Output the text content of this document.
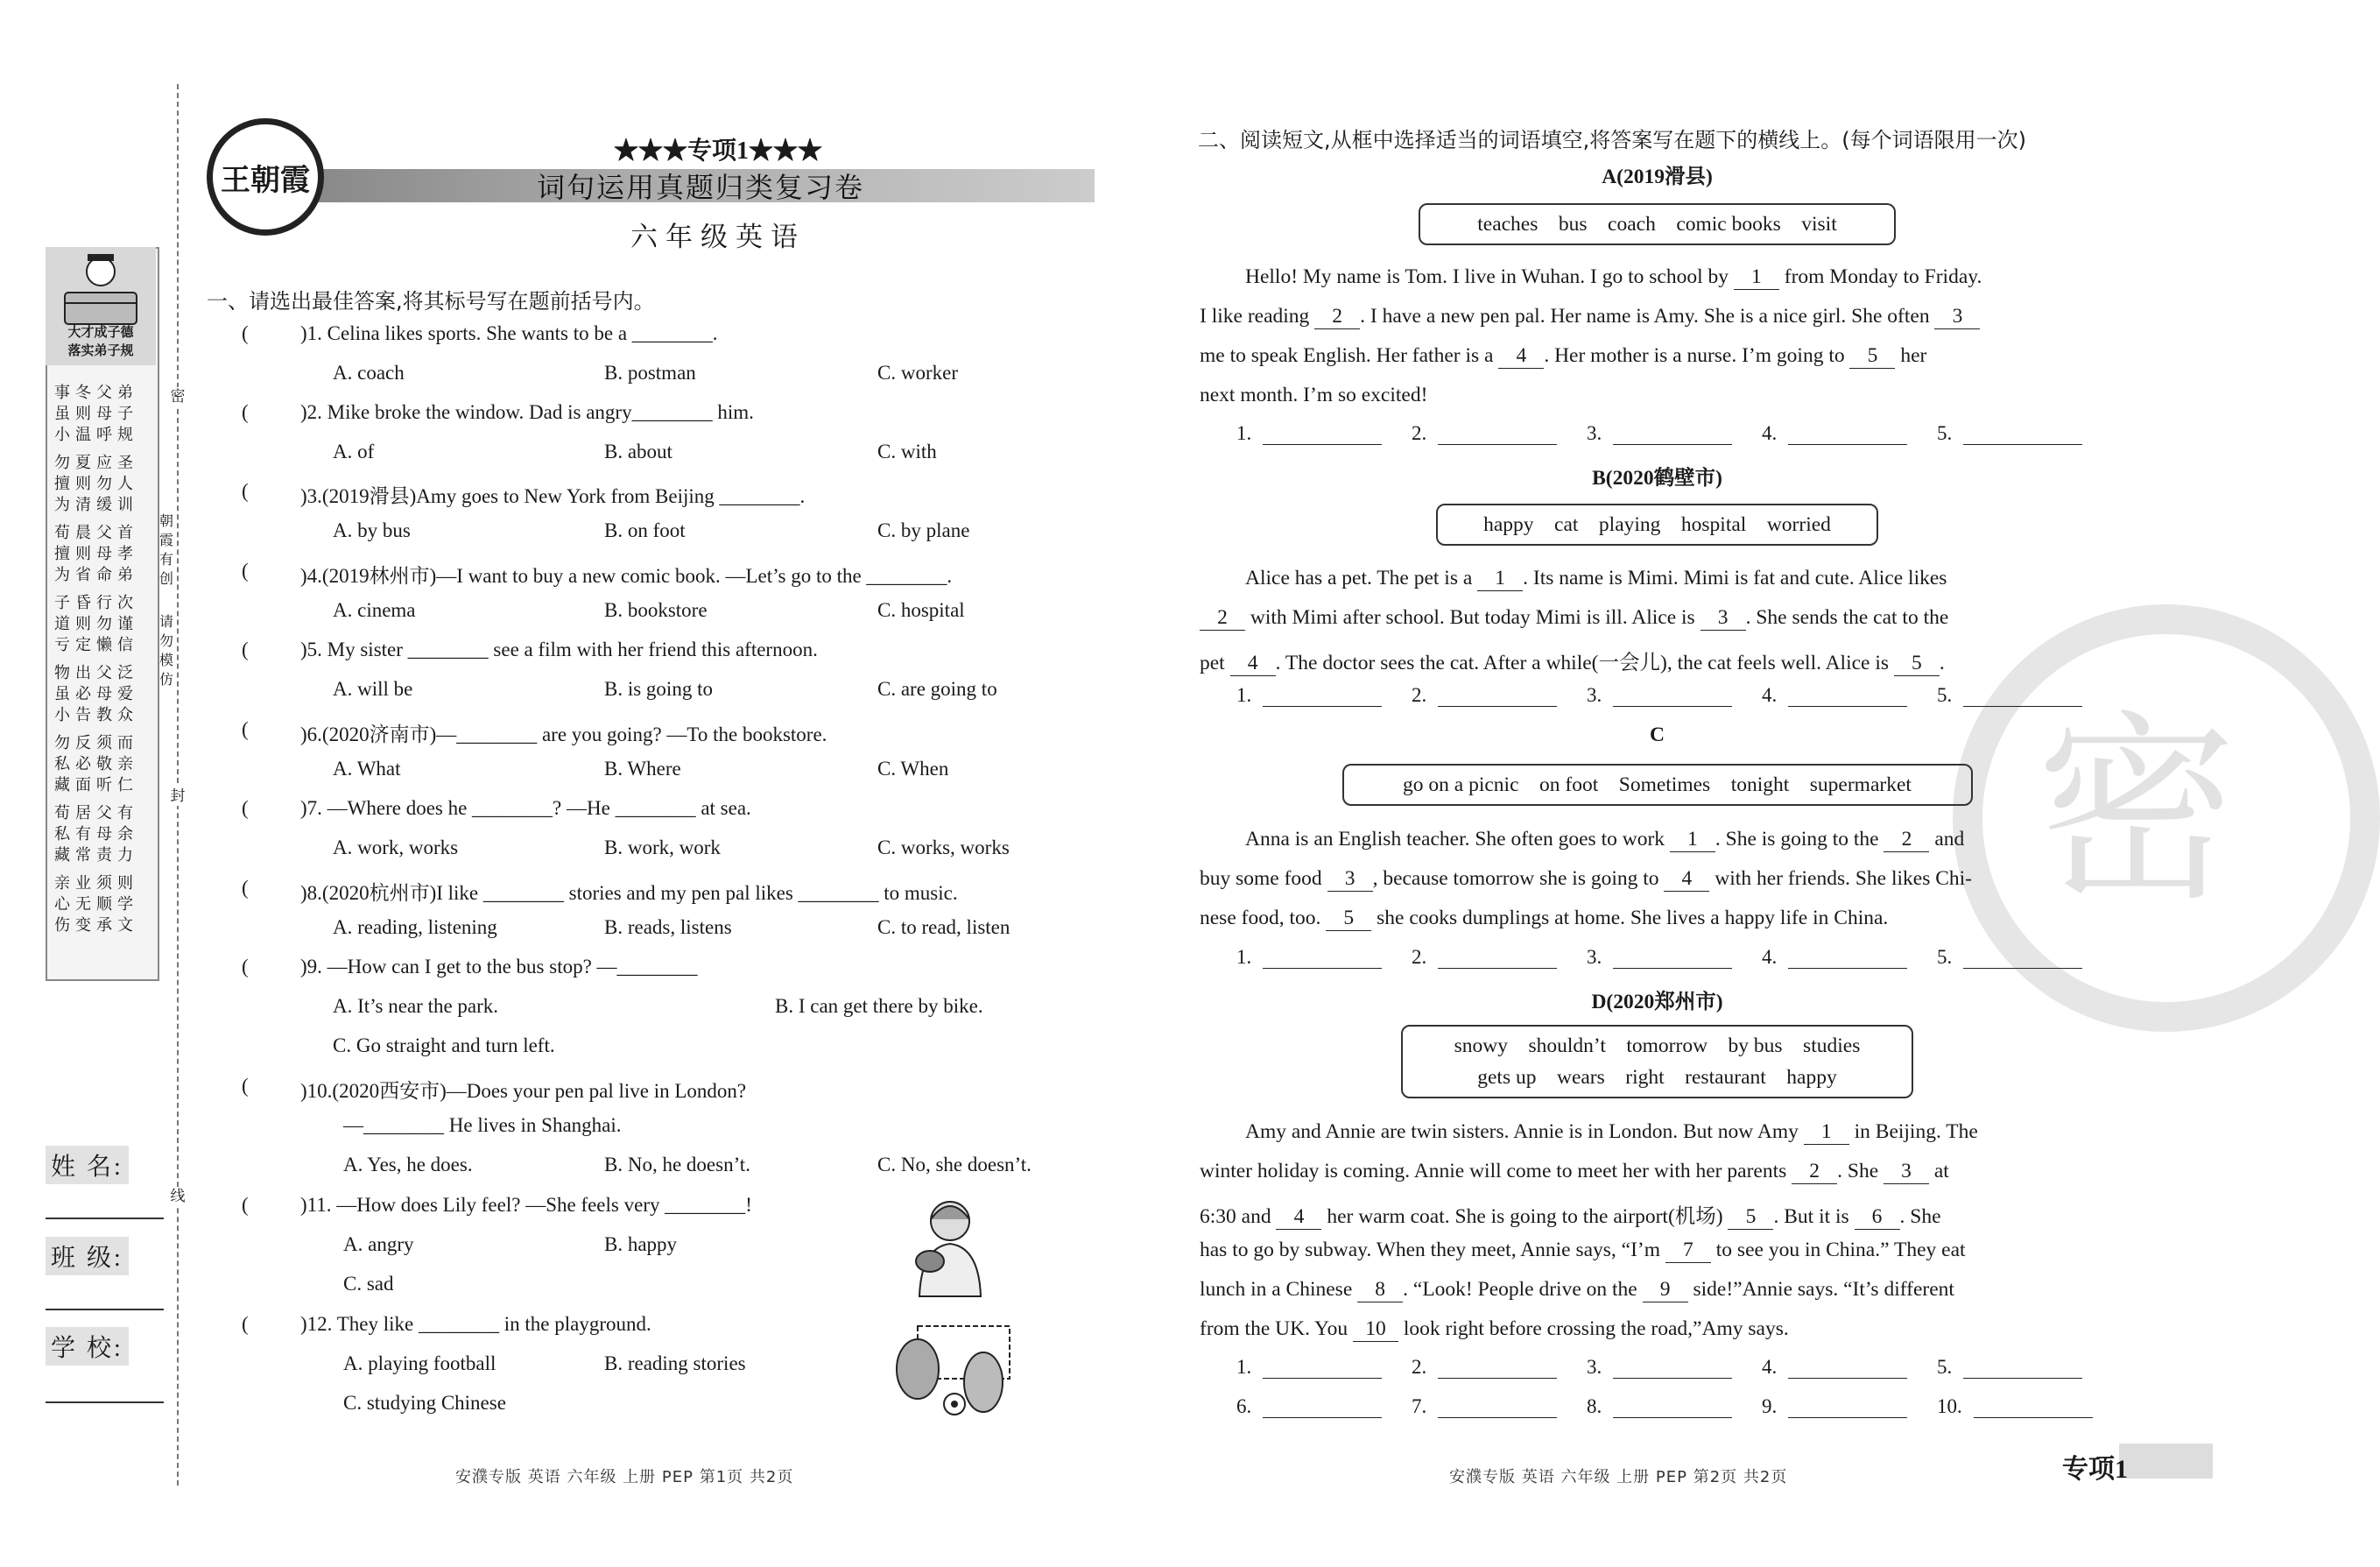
大才成子德
落实弟子规
事冬父弟
虽则母子
小温呼规
勿夏应圣
擅则勿人
为清缓训
荀晨父首
擅则母孝
为省命弟
子昏行次
道则勿谨
亏定懒信
物出父泛
虽必母爱
小告教众
勿反须而
私必敬亲
藏面听仁
荀居父有
私有母余
藏常责力
亲业须则
心无顺学
伤变承文
密
封
线
朝霞有创
请勿模仿
姓 名:
班 级:
学 校:
王朝霞
★★★专项1★★★
词句运用真题归类复习卷
六年级英语
一、请选出最佳答案,将其标号写在题前括号内。
(	)1. Celina likes sports. She wants to be a ________.
A. coach	B. postman	C. worker
(	)2. Mike broke the window. Dad is angry________ him.
A. of	B. about	C. with
(	)3.(2019滑县)Amy goes to New York from Beijing ________.
A. by bus	B. on foot	C. by plane
(	)4.(2019林州市)—I want to buy a new comic book. —Let’s go to the ________.
A. cinema	B. bookstore	C. hospital
(	)5. My sister ________ see a film with her friend this afternoon.
A. will be	B. is going to	C. are going to
(	)6.(2020济南市)—________ are you going? —To the bookstore.
A. What	B. Where	C. When
(	)7. —Where does he ________? —He ________ at sea.
A. work, works	B. work, work	C. works, works
(	)8.(2020杭州市)I like ________ stories and my pen pal likes ________ to music.
A. reading, listening	B. reads, listens	C. to read, listen
(	)9. —How can I get to the bus stop? —________
A. It’s near the park.	B. I can get there by bike.
C. Go straight and turn left.
(	)10.(2020西安市)—Does your pen pal live in London?
—________ He lives in Shanghai.
A. Yes, he does.	B. No, he doesn’t.	C. No, she doesn’t.
(	)11. —How does Lily feel? —She feels very ________!
A. angry	B. happy
C. sad
(	)12. They like ________ in the playground.
A. playing football	B. reading stories
C. studying Chinese
安濮专版 英语 六年级 上册 PEP 第1页 共2页
密
二、阅读短文,从框中选择适当的词语填空,将答案写在题下的横线上。(每个词语限用一次)
A(2019滑县)
teaches    bus    coach    comic books    visit
Hello! My name is Tom. I live in Wuhan. I go to school by 1 from Monday to Friday.
I like reading 2 . I have a new pen pal. Her name is Amy. She is a nice girl. She often 3
me to speak English. Her father is a 4 . Her mother is a nurse. I’m going to 5 her
next month. I’m so excited!
1.	2.	3.	4.	5.
B(2020鹤壁市)
happy    cat    playing    hospital    worried
Alice has a pet. The pet is a 1 . Its name is Mimi. Mimi is fat and cute. Alice likes
2 with Mimi after school. But today Mimi is ill. Alice is 3 . She sends the cat to the
pet 4 . The doctor sees the cat. After a while(一会儿), the cat feels well. Alice is 5 .
1.	2.	3.	4.	5.
C
go on a picnic    on foot    Sometimes    tonight    supermarket
Anna is an English teacher. She often goes to work 1 . She is going to the 2 and
buy some food 3 , because tomorrow she is going to 4 with her friends. She likes Chi-
nese food, too. 5 she cooks dumplings at home. She lives a happy life in China.
1.	2.	3.	4.	5.
D(2020郑州市)
snowy    shouldn’t    tomorrow    by bus    studies
gets up    wears    right    restaurant    happy
Amy and Annie are twin sisters. Annie is in London. But now Amy 1 in Beijing. The
winter holiday is coming. Annie will come to meet her with her parents 2 . She 3 at
6:30 and 4 her warm coat. She is going to the airport(机场) 5 . But it is 6 . She
has to go by subway. When they meet, Annie says, “I’m 7 to see you in China.” They eat
lunch in a Chinese 8 . “Look! People drive on the 9 side!”Annie says. “It’s different
from the UK. You 10 look right before crossing the road,”Amy says.
1.	2.	3.	4.	5.
6.	7.	8.	9.	10.
安濮专版 英语 六年级 上册 PEP 第2页 共2页	专项1
